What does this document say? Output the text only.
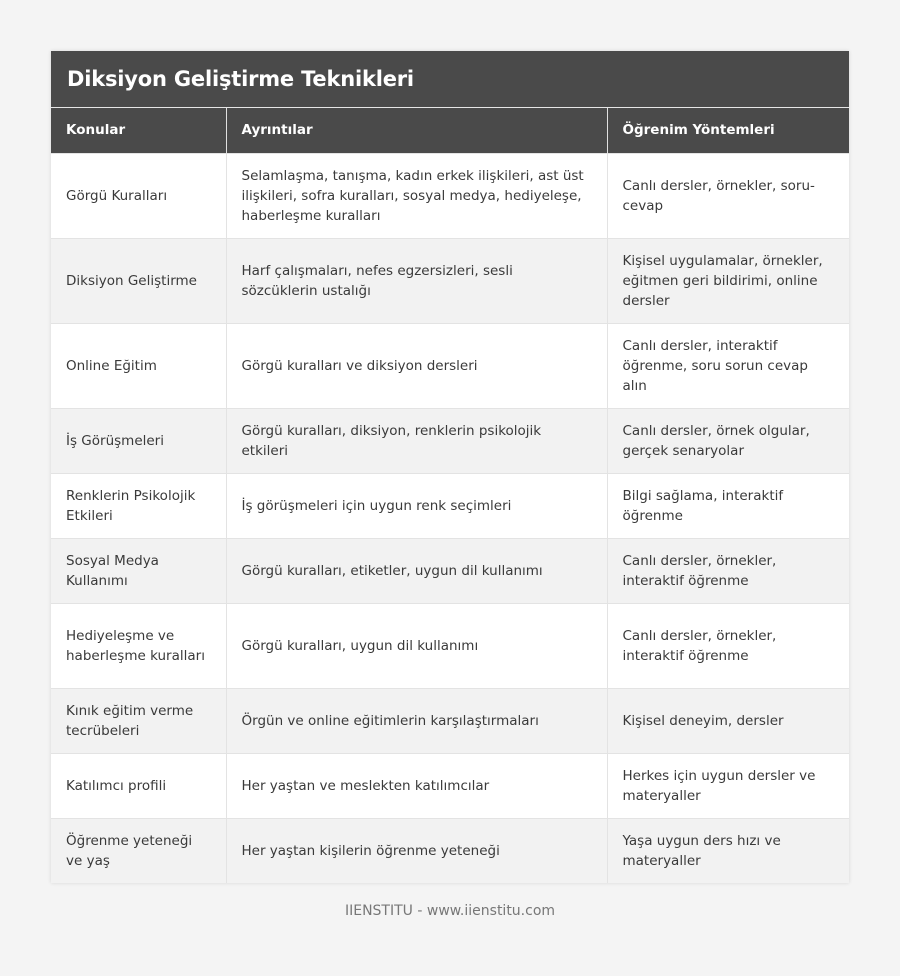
Diksiyon Geliştirme Teknikleri
Konular	Ayrıntılar	Öğrenim Yöntemleri
Görgü Kuralları	Selamlaşma, tanışma, kadın erkek ilişkileri, ast üst ilişkileri, sofra kuralları, sosyal medya, hediyeleşe, haberleşme kuralları	Canlı dersler, örnekler, soru-cevap
Diksiyon Geliştirme	Harf çalışmaları, nefes egzersizleri, sesli sözcüklerin ustalığı	Kişisel uygulamalar, örnekler, eğitmen geri bildirimi, online dersler
Online Eğitim	Görgü kuralları ve diksiyon dersleri	Canlı dersler, interaktif öğrenme, soru sorun cevap alın
İş Görüşmeleri	Görgü kuralları, diksiyon, renklerin psikolojik etkileri	Canlı dersler, örnek olgular, gerçek senaryolar
Renklerin Psikolojik Etkileri	İş görüşmeleri için uygun renk seçimleri	Bilgi sağlama, interaktif öğrenme
Sosyal Medya Kullanımı	Görgü kuralları, etiketler, uygun dil kullanımı	Canlı dersler, örnekler, interaktif öğrenme
Hediyeleşme ve haberleşme kuralları	Görgü kuralları, uygun dil kullanımı	Canlı dersler, örnekler, interaktif öğrenme
Kınık eğitim verme tecrübeleri	Örgün ve online eğitimlerin karşılaştırmaları	Kişisel deneyim, dersler
Katılımcı profili	Her yaştan ve meslekten katılımcılar	Herkes için uygun dersler ve materyaller
Öğrenme yeteneği ve yaş	Her yaştan kişilerin öğrenme yeteneği	Yaşa uygun ders hızı ve materyaller
IIENSTITU - www.iienstitu.com
